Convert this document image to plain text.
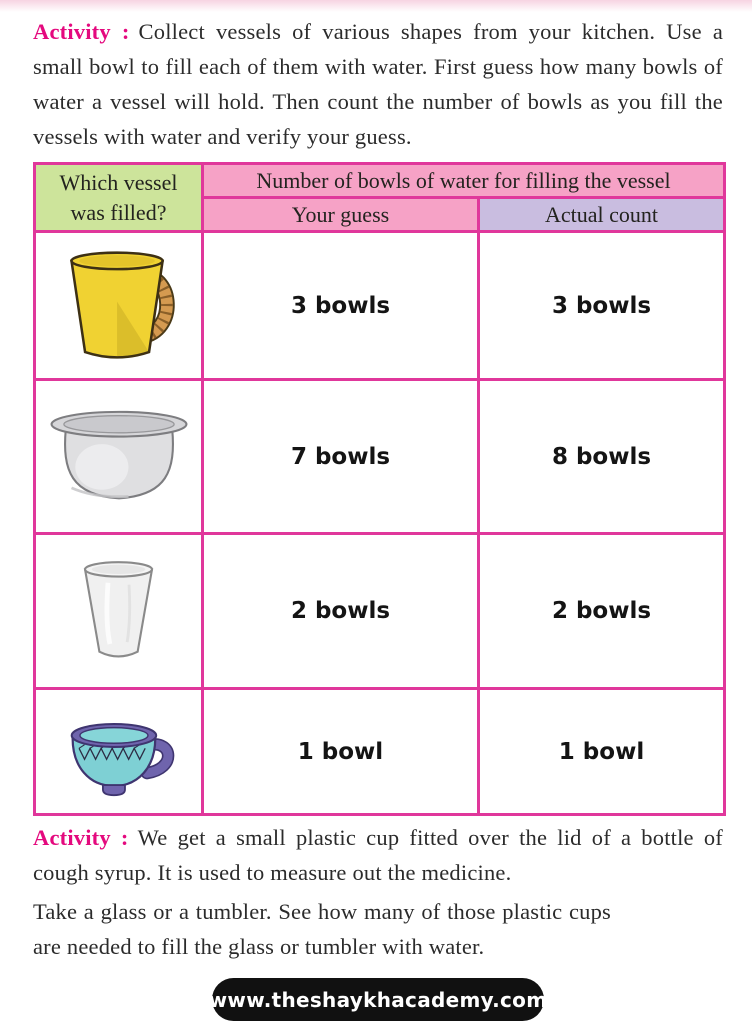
Activity : Collect vessels of various shapes from your kitchen. Use a small bowl to fill each of them with water. First guess how many bowls of water a vessel will hold. Then count the number of bowls as you fill the vessels with water and verify your guess.

Which vessel was filled?	Number of bowls of water for filling the vessel	
	Your guess	Actual count

	3 bowls	3 bowls

	7 bowls	8 bowls

	2 bowls	2 bowls

	1 bowl	1 bowl

Activity : We get a small plastic cup fitted over the lid of a bottle of cough syrup. It is used to measure out the medicine.

Take a glass or a tumbler. See how many of those plastic cups are needed to fill the glass or tumbler with water.

www.theshaykhacademy.com
